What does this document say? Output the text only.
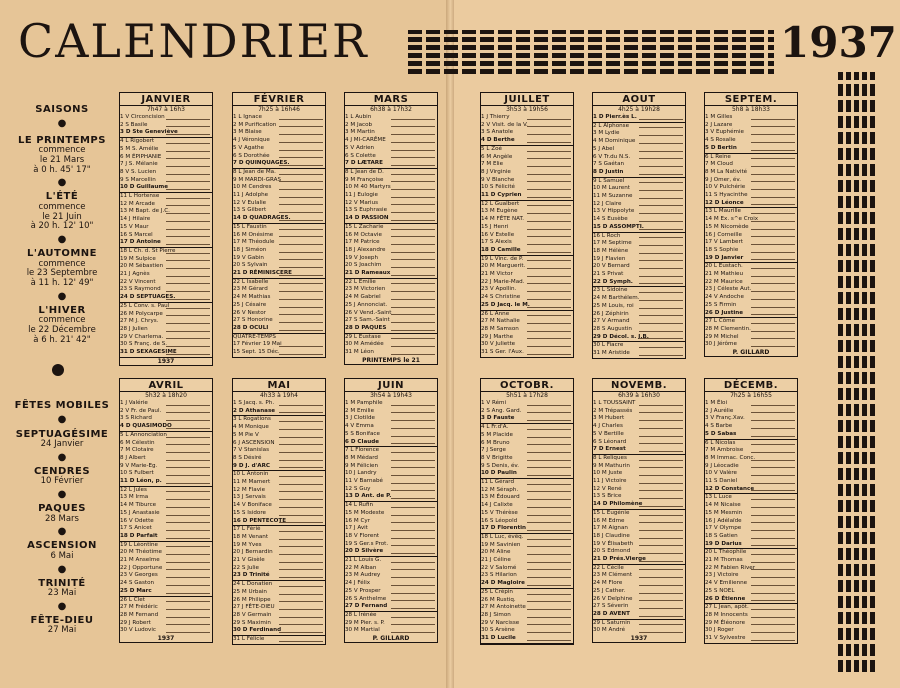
CALENDRIER	1937
SAISONS
●
LE PRINTEMPS
commence
le 21 Mars
à 0 h. 45' 17"
●
L'ÉTÉ
commence
le 21 Juin
à 20 h. 12' 10"
●
L'AUTOMNE
commence
le 23 Septembre
à 11 h. 12' 49"
●
L'HIVER
commence
le 22 Décembre
à 6 h. 21' 42"
FÊTES MOBILES
●
SEPTUAGÉSIME
24 Janvier
●
CENDRES
10 Février
●
PAQUES
28 Mars
●
ASCENSION
6 Mai
●
TRINITÉ
23 Mai
●
FÊTE-DIEU
27 Mai
JANVIER
7h47 à 16h3
1 V Circoncision
2 S Basile
3 D Ste Geneviève
4 L Rigobert
5 M S. Amélie
6 M ÉPIPHANIE
7 J S. Mélanie
8 V S. Lucien
9 S Marcellin
10 D Guillaume
11 L Hortense
12 M Arcade
13 M Bapt. de J.C.
14 J Hilaire
15 V Maur
16 S Marcel
17 D Antoine
18 L Ch. d. St Pierre
19 M Sulpice
20 M Sébastien
21 J Agnès
22 V Vincent
23 S Raymond
24 D SEPTUAGES.
25 L Conv. s. Paul
26 M Polycarpe
27 M J. Chrys.
28 J Julien
29 V Charlema.
30 S Franç. de S.
31 D SEXAGESIME
1937
FÉVRIER
7h25 à 16h46
1 L Ignace
2 M Purification
3 M Blaise
4 J Véronique
5 V Agathe
6 S Dorothée
7 D QUINQUAGES.
8 L Jean de Ma.
9 M MARDI-GRAS
10 M Cendres
11 J Adolphe
12 V Eulalie
13 S Gilbert
14 D QUADRAGES.
15 L Faustin
16 M Onésime
17 M Théodule
18 J Siméon
19 V Gabin
20 S Sylvain
21 D RÉMINISCERE
22 L Isabelle
23 M Gérard
24 M Mathias
25 J Césaire
26 V Nestor
27 S Honorine
28 D OCULI
QUATRE-TEMPS
17 Février 19 Mai
15 Sept. 15 Déc.
MARS
6h38 à 17h32
1 L Aubin
2 M Jacob
3 M Martin
4 J MI-CARÊME
5 V Adrien
6 S Colette
7 D LÆTARE
8 L Jean de D.
9 M Françoise
10 M 40 Martyrs
11 J Eulogie
12 V Marius
13 S Euphrasie
14 D PASSION
15 L Zacharie
16 M Octavie
17 M Patrice
18 J Alexandre
19 V Joseph
20 S Joachim
21 D Rameaux
22 L Emilie
23 M Victorien
24 M Gabriel
25 J Annonciat.
26 V Vend.-Saint
27 S Sam.-Saint
28 D PAQUES
29 L Eustase
30 M Amédée
31 M Léon
PRINTEMPS le 21
JUILLET
3h53 à 19h56
1 J Thierry
2 V Visit. de la V.
3 S Anatole
4 D Berthe
5 L Zoé
6 M Angèle
7 M Elie
8 J Virginie
9 V Blanche
10 S Félicité
11 D Cyprien
12 L Gualbert
13 M Eugène
14 M FÊTE NAT.
15 J Henri
16 V Estelle
17 S Alexis
18 D Camille
19 L Vinc. de P.
20 M Marguerit.
21 M Victor
22 J Marie-Mad.
23 V Apollin.
24 S Christine
25 D Jacq. le M.
26 L Anne
27 M Nathalie
28 M Samson
29 J Marthe
30 V Juliette
31 S Ger. l'Aux.
AOUT
4h25 à 19h28
1 D Pierr.ès L.
2 L Alphonse
3 M Lydie
4 M Dominique
5 J Abel
6 V Tr.du N.S.
7 S Gaétan
8 D Justin
9 L Samuel
10 M Laurent
11 M Suzanne
12 J Claire
13 V Hippolyte
14 S Eusèbe
15 D ASSOMPTI.
16 L Roch
17 M Septime
18 M Hélène
19 J Flavien
20 V Bernard
21 S Privat
22 D Symph.
23 L Sidoine
24 M Barthélem.
25 M Louis, roi
26 J Zéphirin
27 V Armand
28 S Augustin
29 D Décol. s. J.B.
30 L Fiacre
31 M Aristide
SEPTEM.
5h8 à 18h33
1 M Gilles
2 J Lazare
3 V Euphémie
4 S Rosalie
5 D Bertin
6 L Reine
7 M Cloud
8 M La Nativité
9 J Omer, év.
10 V Pulchérie
11 S Hyacinthe
12 D Léonce
13 L Maurille
14 M Ex. s^e Croix
15 M Nicomède
16 J Corneille
17 V Lambert
18 S Sophie
19 D Janvier
20 L Eustach.
21 M Mathieu
22 M Maurice
23 J Céleste Aut.
24 V Andoche
25 S Firmin
26 D Justine
27 L Côme
28 M Clementin.
29 M Michel
30 J Jérôme
P. GILLARD
AVRIL
5h32 à 18h20
1 J Valérie
2 V Fr. de Paul.
3 S Richard
4 D QUASIMODO
5 L Annonciation
6 M Célestin
7 M Clotaire
8 J Albert
9 V Marie-Eg.
10 S Fulbert
11 D Léon, p.
12 L Jules
13 M Irma
14 M Tiburce
15 J Anastasie
16 V Odette
17 S Anicet
18 D Parfait
19 L Léontine
20 M Théotime
21 M Anselme
22 J Opportune
23 V Georges
24 S Gaston
25 D Marc
26 L Clet
27 M Frédéric
28 M Fernand
29 J Robert
30 V Ludovic
1937
MAI
4h33 à 19h4
1 S Jacq. s. Ph.
2 D Athanase
3 L Rogations
4 M Monique
5 M Pie V
6 J ASCENSION
7 V Stanislas
8 S Désiré
9 D J. d'ARC
10 L Antonin
11 M Mamert
12 M Flavie
13 J Servais
14 V Boniface
15 S Isidore
16 D PENTECOTE
17 L Férié
18 M Venant
19 M Yves
20 J Bernardin
21 V Gisèle
22 S Julie
23 D Trinité
24 L Donatien
25 M Urbain
26 M Philippe
27 J FÊTE-DIEU
28 V Germain
29 S Maximin
30 D Ferdinand
31 L Félicie
JUIN
3h54 à 19h43
1 M Pamphile
2 M Emilie
3 J Clotilde
4 V Emma
5 S Boniface
6 D Claude
7 L Florence
8 M Médard
9 M Félicien
10 J Landry
11 V Barnabé
12 S Guy
13 D Ant. de P.
14 L Rufin
15 M Modeste
16 M Cyr
17 J Avit
18 V Florent
19 S Ger.s Prot.
20 D Silvère
21 L Louis G.
22 M Alban
23 M Audrey
24 J Félix
25 V Prosper
26 S Anthelme
27 D Fernand
28 L Irénée
29 M Pier. s. P.
30 M Martial
P. GILLARD
OCTOBR.
5h51 à 17h28
1 V Rémi
2 S Ang. Gard.
3 D Fauste
4 L Fr.d'A.
5 M Placide
6 M Bruno
7 J Serge
8 V Brigitte
9 S Denis, év.
10 D Paulin
11 L Gérard
12 M Séraph.
13 M Édouard
14 J Calixte
15 V Thérèse
16 S Léopold
17 D Florentin
18 L Luc, évêq.
19 M Savinien
20 M Aline
21 J Céline
22 V Salomé
23 S Hilarion
24 D Magloire
25 L Crépin
26 M Rustiq.
27 M Antoinette
28 J Simon
29 V Narcisse
30 S Arsène
31 D Lucile
NOVEMB.
6h39 à 16h30
1 L TOUSSAINT
2 M Trépassés
3 M Hubert
4 J Charles
5 V Bertille
6 S Léonard
7 D Ernest
8 L Reliques
9 M Mathurin
10 M Juste
11 J Victoire
12 V René
13 S Brice
14 D Philomène
15 L Eugénie
16 M Edme
17 M Aignan
18 J Claudine
19 V Élisabeth
20 S Edmond
21 D Prés.Vierge
22 L Cécile
23 M Clément
24 M Flore
25 J Cather.
26 V Delphine
27 S Séverin
28 D AVENT
29 L Saturnin
30 M André
1937
DÉCEMB.
7h25 à 16h55
1 M Éloi
2 J Aurélie
3 V Franç.Xav.
4 S Barbe
5 D Sabas
6 L Nicolas
7 M Ambroise
8 M Immac. Conc.
9 J Léocadie
10 V Valère
11 S Daniel
12 D Constance
13 L Luce
14 M Nicaise
15 M Mesmin
16 J Adélaïde
17 V Olympe
18 S Gatien
19 D Darius
20 L Théophile
21 M Thomas
22 M Fabien River
23 J Victoire
24 V Emilienne
25 S NOEL
26 D Étienne
27 L Jean, apôt.
28 M Innocents
29 M Éléonore
30 J Roger
31 V Sylvestre
